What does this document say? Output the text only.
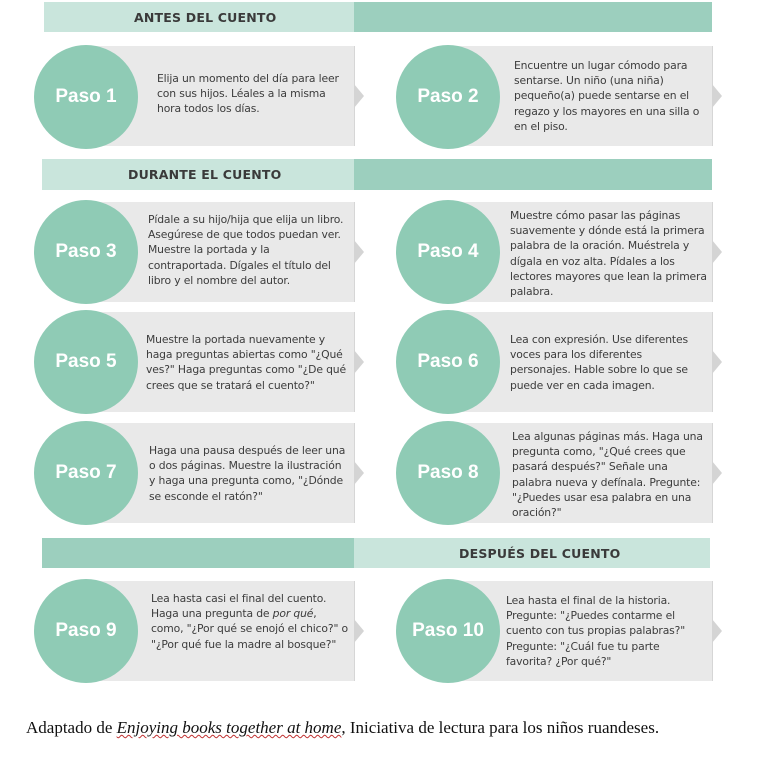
ANTES DEL CUENTO
Elija un momento del día para leer con sus hijos. Léales a la misma hora todos los días.
Paso 1
Encuentre un lugar cómodo para sentarse. Un niño (una niña) pequeño(a) puede sentarse en el regazo y los mayores en una silla o en el piso.
Paso 2
DURANTE EL CUENTO
Pídale a su hijo/hija que elija un libro. Asegúrese de que todos puedan ver. Muestre la portada y la contraportada. Dígales el título del libro y el nombre del autor.
Paso 3
Muestre cómo pasar las páginas suavemente y dónde está la primera palabra de la oración. Muéstrela y dígala en voz alta. Pídales a los lectores mayores que lean la primera palabra.
Paso 4
Muestre la portada nuevamente y haga preguntas abiertas como "¿Qué ves?" Haga preguntas como "¿De qué crees que se tratará el cuento?"
Paso 5
Lea con expresión. Use diferentes voces para los diferentes personajes. Hable sobre lo que se puede ver en cada imagen.
Paso 6
Haga una pausa después de leer una o dos páginas. Muestre la ilustración y haga una pregunta como, "¿Dónde se esconde el ratón?"
Paso 7
Lea algunas páginas más. Haga una pregunta como, "¿Qué crees que pasará después?" Señale una palabra nueva y defínala. Pregunte: "¿Puedes usar esa palabra en una oración?"
Paso 8
DESPUÉS DEL CUENTO
Lea hasta casi el final del cuento. Haga una pregunta de por qué, como, "¿Por qué se enojó el chico?" o "¿Por qué fue la madre al bosque?"
Paso 9
Lea hasta el final de la historia. Pregunte: "¿Puedes contarme el cuento con tus propias palabras?" Pregunte: "¿Cuál fue tu parte favorita? ¿Por qué?"
Paso 10
Adaptado de Enjoying books together at home, Iniciativa de lectura para los niños ruandeses.
